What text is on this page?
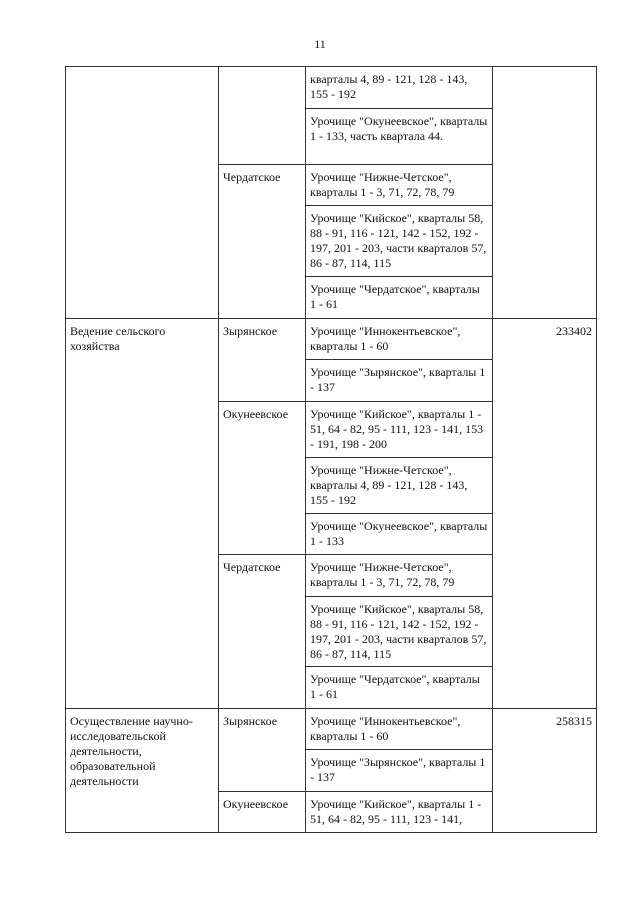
11
		кварталы 4, 89 - 121, 128 - 143, 155 - 192	
		Урочище "Окунеевское", кварталы 1 - 133, часть квартала 44.	
	Чердатское	Урочище "Нижне-Четское", кварталы 1 - 3, 71, 72, 78, 79	
		Урочище "Кийское", кварталы 58, 88 - 91, 116 - 121, 142 - 152, 192 - 197, 201 - 203, части кварталов 57, 86 - 87, 114, 115	
		Урочище "Чердатское", кварталы 1 - 61	
Ведение сельского хозяйства	Зырянское	Урочище "Иннокентьевское", кварталы 1 - 60	233402
		Урочище "Зырянское", кварталы 1 - 137	
	Окунеевское	Урочище "Кийское", кварталы 1 - 51, 64 - 82, 95 - 111, 123 - 141, 153 - 191, 198 - 200	
		Урочище "Нижне-Четское", кварталы 4, 89 - 121, 128 - 143, 155 - 192	
		Урочище "Окунеевское", кварталы 1 - 133	
	Чердатское	Урочище "Нижне-Четское", кварталы 1 - 3, 71, 72, 78, 79	
		Урочище "Кийское", кварталы 58, 88 - 91, 116 - 121, 142 - 152, 192 - 197, 201 - 203, части кварталов 57, 86 - 87, 114, 115	
		Урочище "Чердатское", кварталы 1 - 61	
Осуществление научно-исследовательской деятельности, образовательной деятельности	Зырянское	Урочище "Иннокентьевское", кварталы 1 - 60	258315
		Урочище "Зырянское", кварталы 1 - 137	
	Окунеевское	Урочище "Кийское", кварталы 1 - 51, 64 - 82, 95 - 111, 123 - 141,	
